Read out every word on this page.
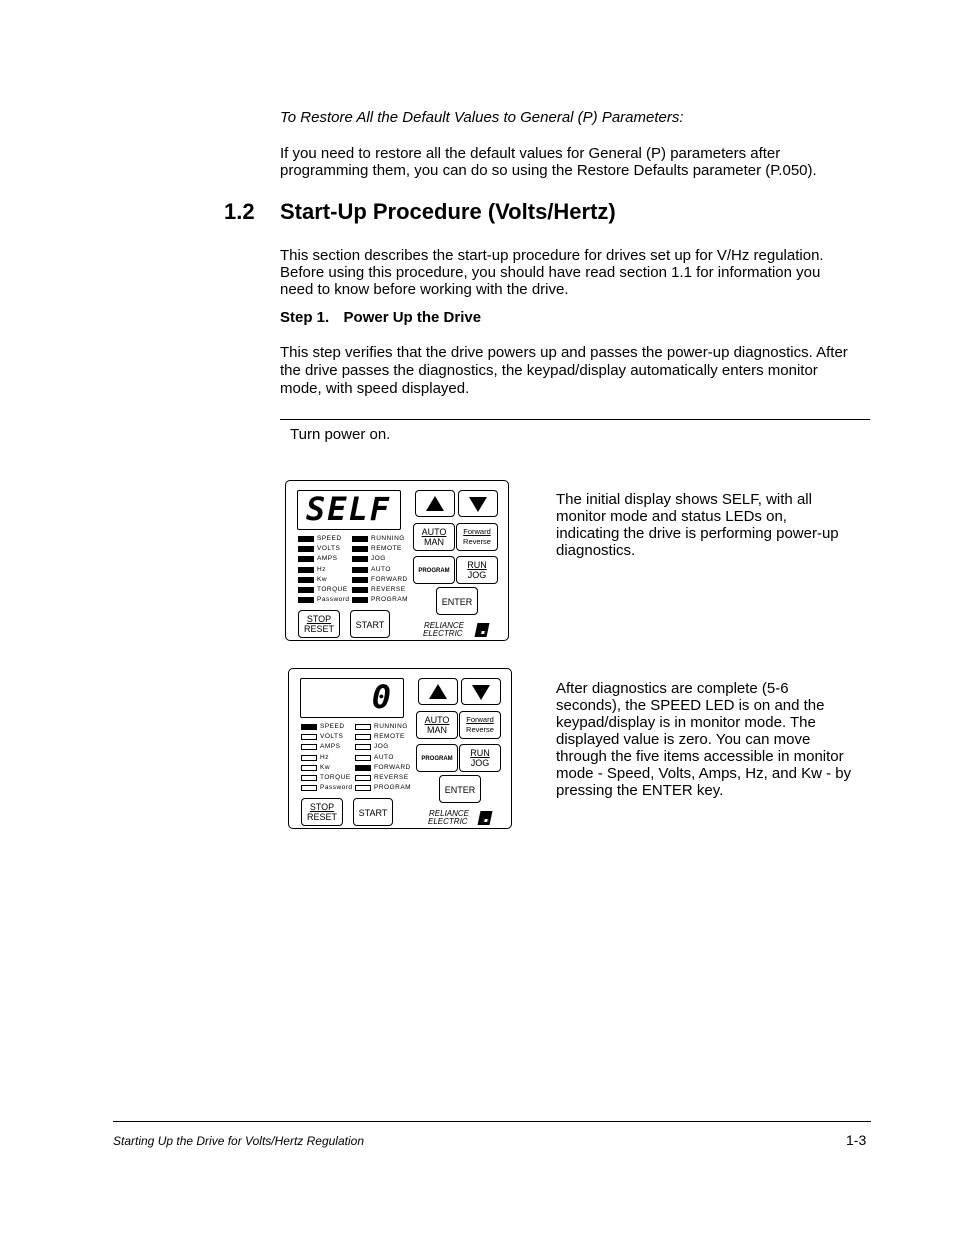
To Restore All the Default Values to General (P) Parameters:
If you need to restore all the default values for General (P) parameters after
programming them, you can do so using the Restore Defaults parameter (P.050).
1.2 Start-Up Procedure (Volts/Hertz)
This section describes the start-up procedure for drives set up for V/Hz regulation.
Before using this procedure, you should have read section 1.1 for information you
need to know before working with the drive.
Step 1. Power Up the Drive
This step verifies that the drive powers up and passes the power-up diagnostics. After
the drive passes the diagnostics, the keypad/display automatically enters monitor
mode, with speed displayed.
Turn power on.
SELF
AUTO
MAN
Forward
Reverse
PROGRAM
RUN
JOG
ENTER
STOP
RESET	START	RELIANCE
ELECTRIC
SPEED
VOLTS
AMPS
Hz
Kw
TORQUE
Password
RUNNING
REMOTE
JOG
AUTO
FORWARD
REVERSE
PROGRAM
The initial display shows SELF, with all
monitor mode and status LEDs on,
indicating the drive is performing power-up
diagnostics.
0
AUTO
MAN
Forward
Reverse
PROGRAM
RUN
JOG
ENTER
STOP
RESET	START	RELIANCE
ELECTRIC
SPEED
VOLTS
AMPS
Hz
Kw
TORQUE
Password
RUNNING
REMOTE
JOG
AUTO
FORWARD
REVERSE
PROGRAM
After diagnostics are complete (5-6
seconds), the SPEED LED is on and the
keypad/display is in monitor mode. The
displayed value is zero. You can move
through the five items accessible in monitor
mode - Speed, Volts, Amps, Hz, and Kw - by
pressing the ENTER key.
Starting Up the Drive for Volts/Hertz Regulation	1-3
